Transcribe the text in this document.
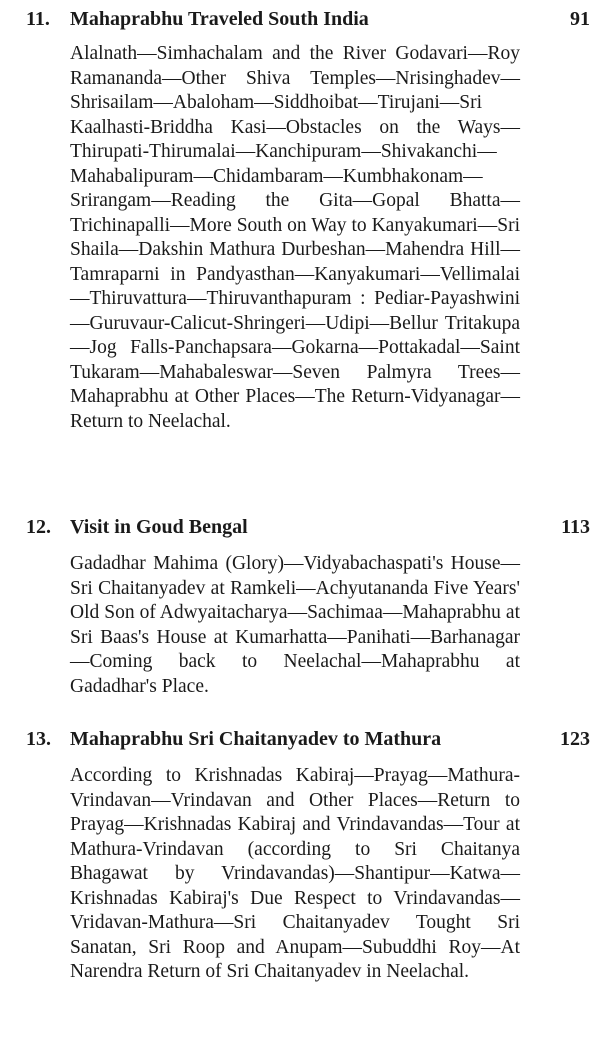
11. Mahaprabhu Traveled South India	91

Alalnath—Simhachalam and the River Godavari—Roy Ramananda—Other Shiva Temples—Nrisinghadev—Shrisailam—Abaloham—Siddhoibat—Tirujani—Sri Kaalhasti-Briddha Kasi—Obstacles on the Ways—Thirupati-Thirumalai—Kanchipuram—Shivakanchi—Mahabalipuram—Chidambaram—Kumbhakonam—Srirangam—Reading the Gita—Gopal Bhatta—Trichinapalli—More South on Way to Kanyakumari—Sri Shaila—Dakshin Mathura Durbeshan—Mahendra Hill—Tamraparni in Pandyasthan—Kanyakumari—Vellimalai—Thiruvattura—Thiruvanthapuram : Pediar-Payashwini—Guruvaur-Calicut-Shringeri—Udipi—Bellur Tritakupa—Jog Falls-Panchapsara—Gokarna—Pottakadal—Saint Tukaram—Mahabaleswar—Seven Palmyra Trees—Mahaprabhu at Other Places—The Return-Vidyanagar—Return to Neelachal.

12. Visit in Goud Bengal	113

Gadadhar Mahima (Glory)—Vidyabachaspati's House—Sri Chaitanyadev at Ramkeli—Achyutananda Five Years' Old Son of Adwyaitacharya—Sachimaa—Mahaprabhu at Sri Baas's House at Kumarhatta—Panihati—Barhanagar—Coming back to Neelachal—Mahaprabhu at Gadadhar's Place.

13. Mahaprabhu Sri Chaitanyadev to Mathura	123

According to Krishnadas Kabiraj—Prayag—Mathura-Vrindavan—Vrindavan and Other Places—Return to Prayag—Krishnadas Kabiraj and Vrindavandas—Tour at Mathura-Vrindavan (according to Sri Chaitanya Bhagawat by Vrindavandas)—Shantipur—Katwa—Krishnadas Kabiraj's Due Respect to Vrindavandas—Vridavan-Mathura—Sri Chaitanyadev Tought Sri Sanatan, Sri Roop and Anupam—Subuddhi Roy—At Narendra Return of Sri Chaitanyadev in Neelachal.
